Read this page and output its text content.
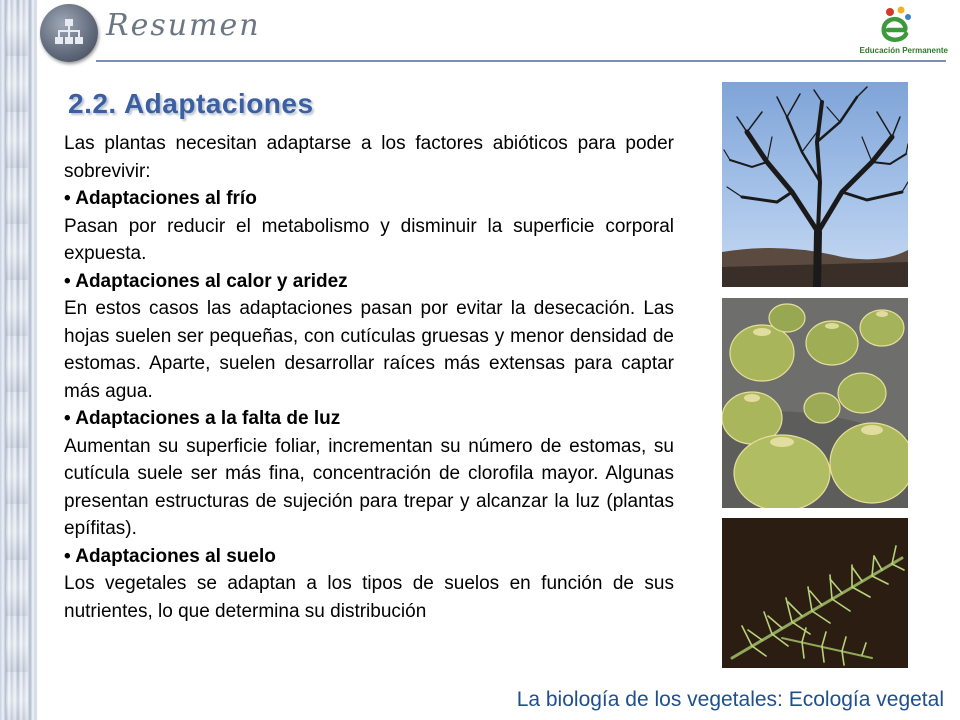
Resumen
Educación Permanente
2.2. Adaptaciones

Las plantas necesitan adaptarse a los factores abióticos para poder sobrevivir:

• Adaptaciones al frío

Pasan por reducir el metabolismo y disminuir la superficie corporal expuesta.

• Adaptaciones al calor y aridez

En estos casos las adaptaciones pasan por evitar la desecación. Las hojas suelen ser pequeñas, con cutículas gruesas y menor densidad de estomas. Aparte, suelen desarrollar raíces más extensas para captar más agua.

• Adaptaciones a la falta de luz

Aumentan su superficie foliar, incrementan su número de estomas, su cutícula suele ser más fina, concentración de clorofila mayor. Algunas presentan estructuras de sujeción para trepar y alcanzar la luz (plantas epífitas).

• Adaptaciones al suelo

Los vegetales se adaptan a los tipos de suelos en función de sus nutrientes, lo que determina su distribución

La biología de los vegetales: Ecología vegetal
